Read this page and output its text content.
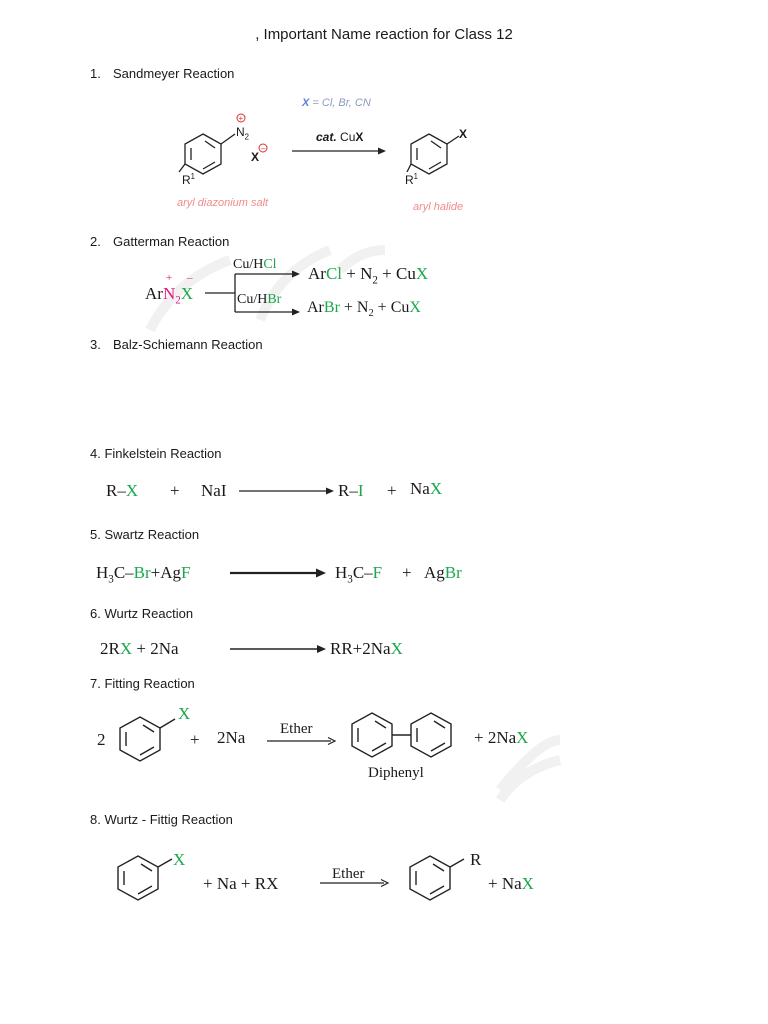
, Important Name reaction for Class 12
1. Sandmeyer Reaction
X = Cl, Br, CN
+
–
$N_2$
X
$R^1$
cat. CuX	X
$R^1$
aryl diazonium salt	aryl halide
2. Gatterman Reaction
+ –
ArN$_2$X
Cu/HCl
Cu/HBr
ArCl + $N_2$ + CuX
ArBr + $N_2$ + CuX
3. Balz-Schiemann Reaction
4. Finkelstein Reaction
R–X + NaI	R–I + NaX
5. Swartz Reaction
$H_3C-Br+AgF$	$H_3C-F$ + AgBr
6. Wurtz Reaction
2RX + 2Na	RR+2NaX
7. Fitting Reaction
2
X
+ 2Na Ether
Diphenyl
+ 2NaX
8. Wurtz - Fittig Reaction
X
+ Na + RX	Ether
R
+ NaX
